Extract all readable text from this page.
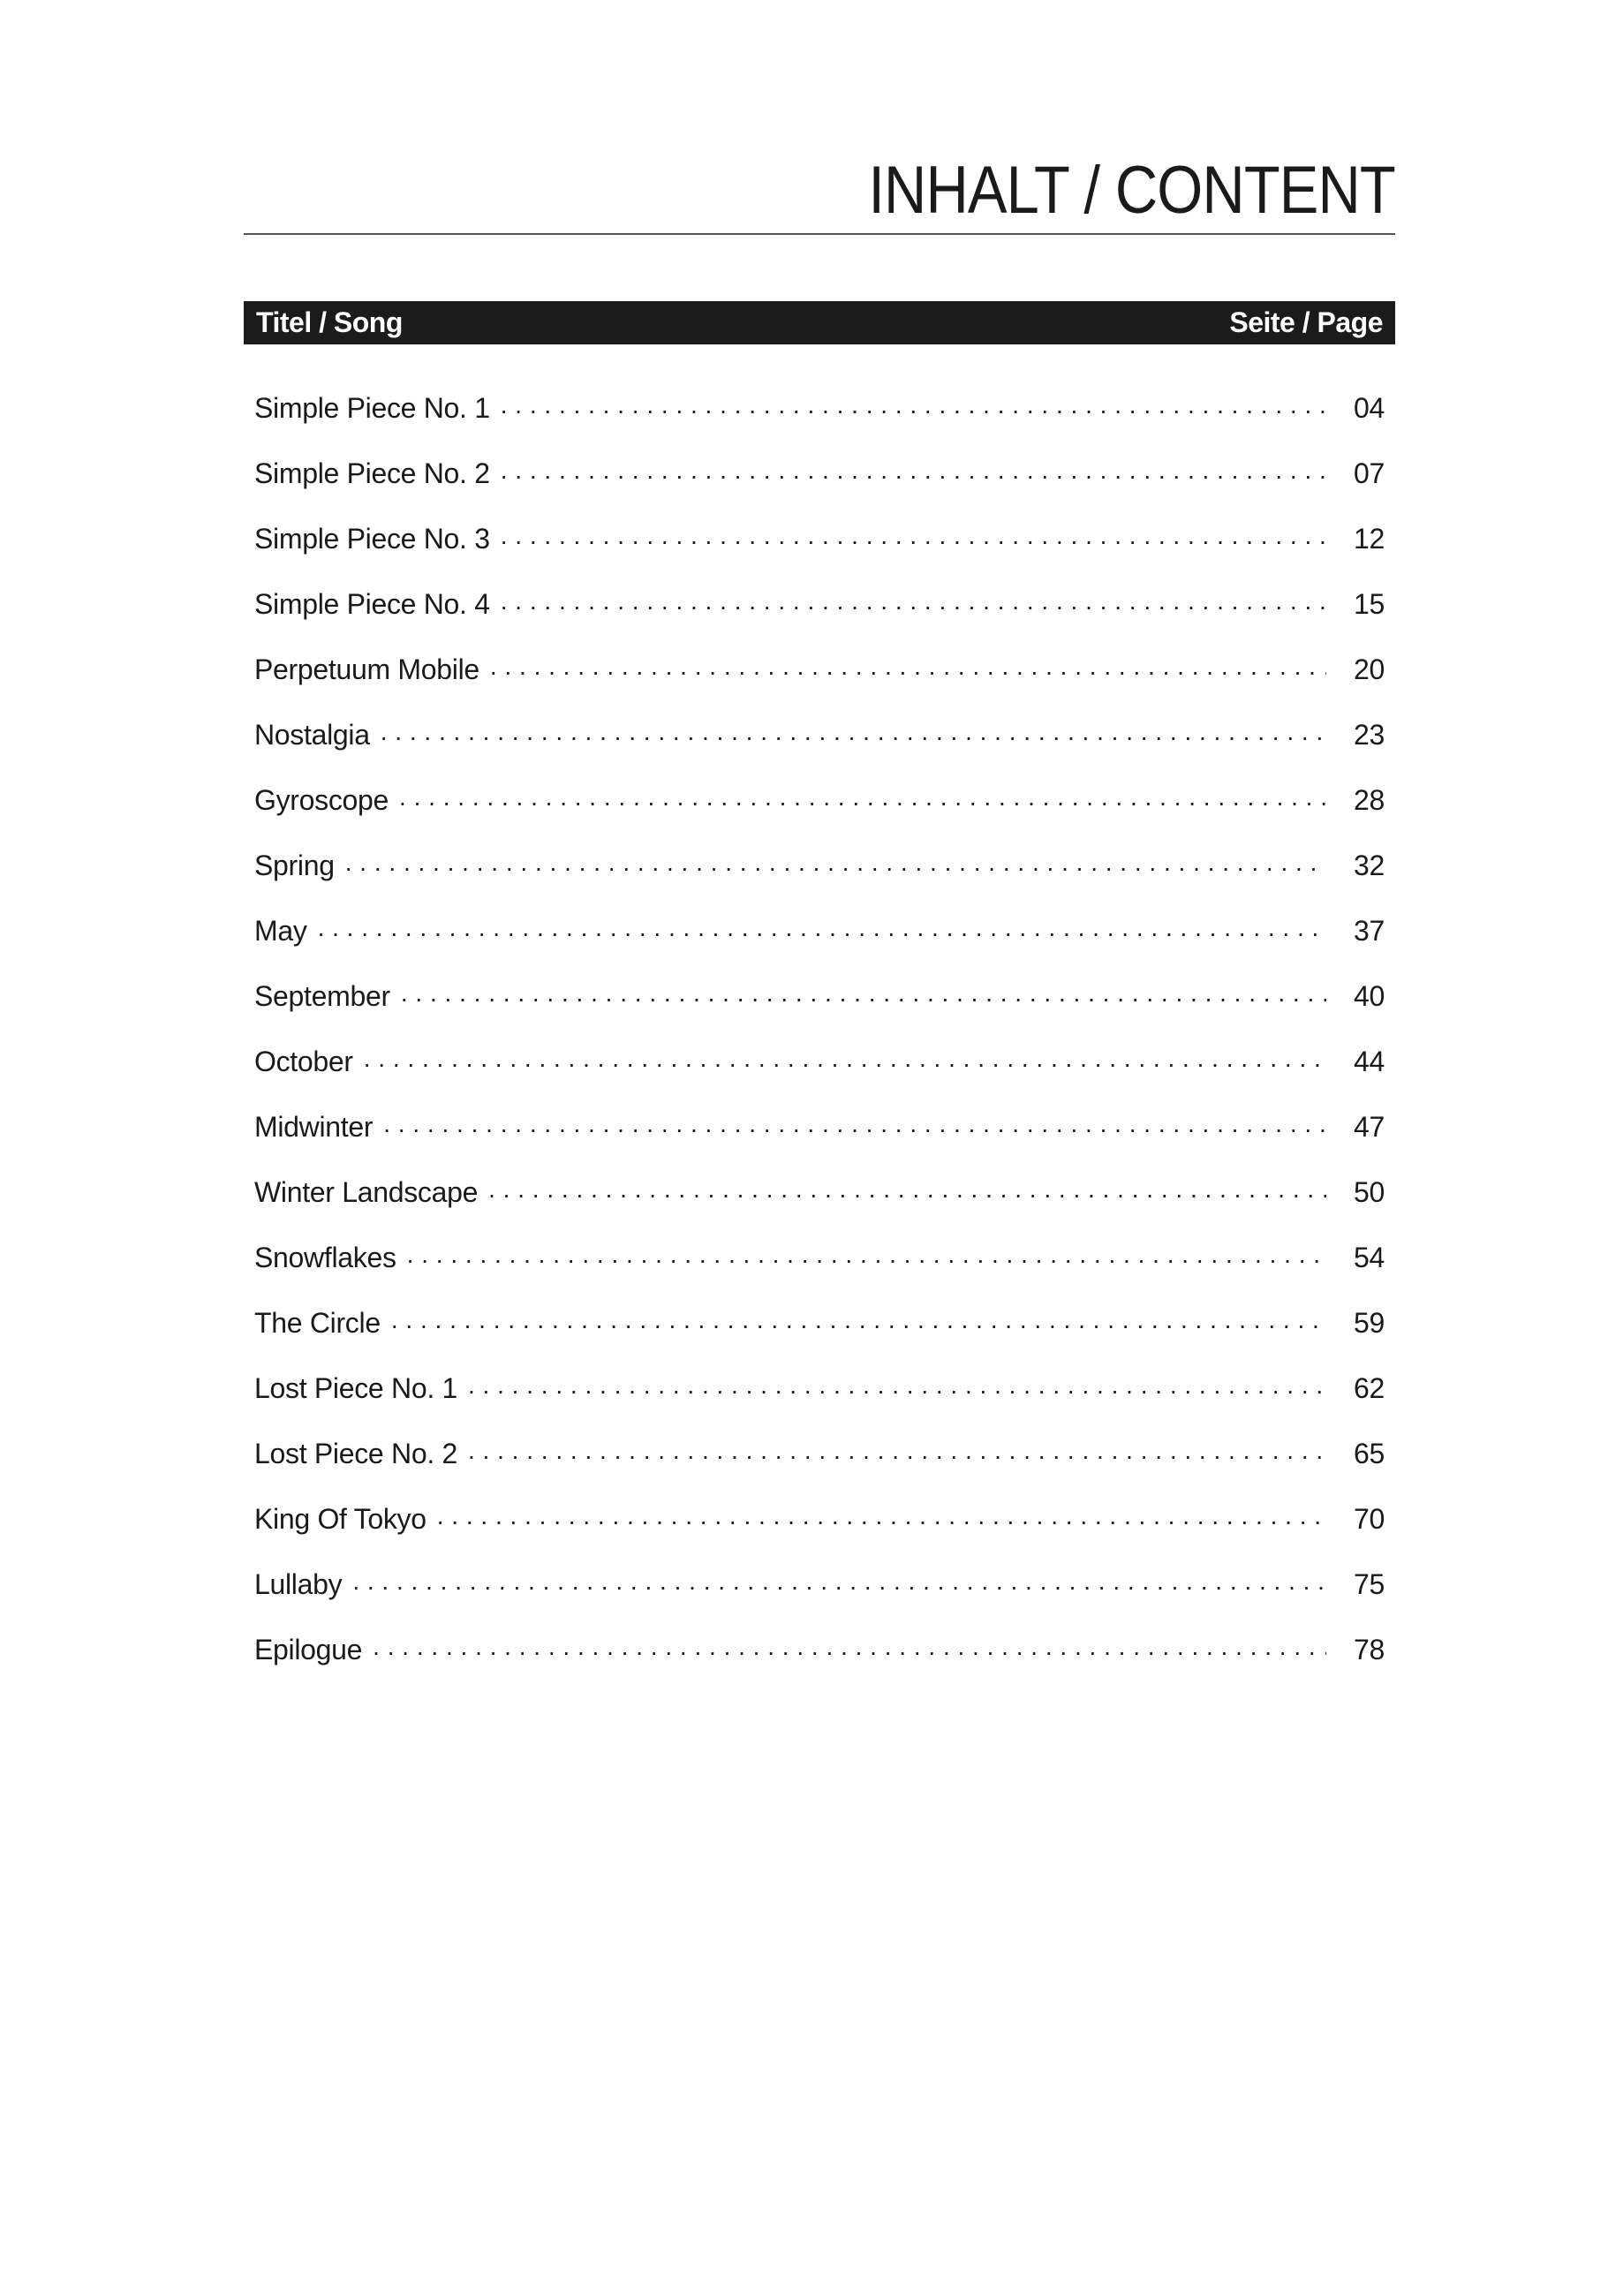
INHALT / CONTENT
Titel / Song	Seite / Page
Simple Piece No. 1 . . .	04
Simple Piece No. 2 . . .	07
Simple Piece No. 3 . . .	12
Simple Piece No. 4 . . .	15
Perpetuum Mobile . . .	20
Nostalgia . . .	23
Gyroscope . . .	28
Spring . . .	32
May . . .	37
September . . .	40
October . . .	44
Midwinter . . .	47
Winter Landscape . . .	50
Snowflakes . . .	54
The Circle . . .	59
Lost Piece No. 1 . . .	62
Lost Piece No. 2 . . .	65
King Of Tokyo . . .	70
Lullaby . . .	75
Epilogue . . .	78
